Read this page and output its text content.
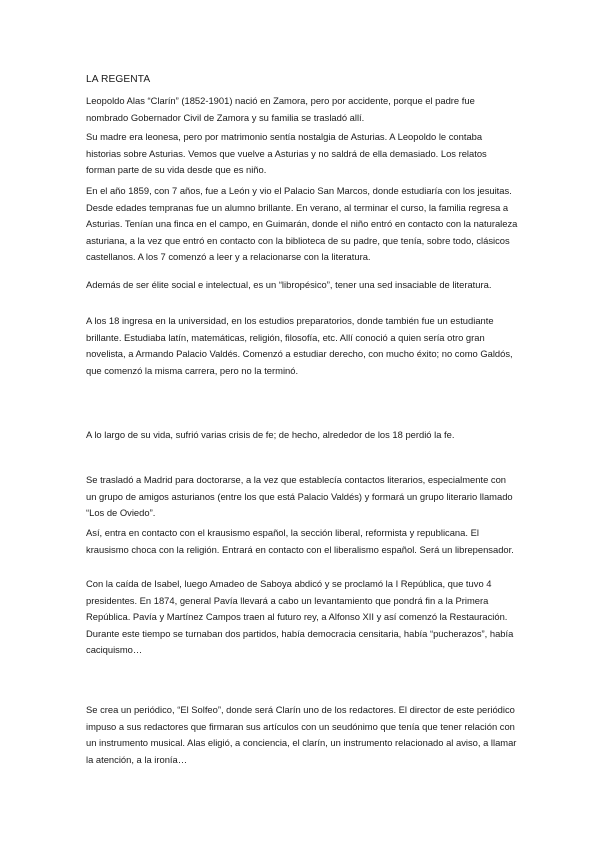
LA REGENTA

Leopoldo Alas “Clarín” (1852-1901) nació en Zamora, pero por accidente, porque el padre fue nombrado Gobernador Civil de Zamora y su familia se trasladó allí.

Su madre era leonesa, pero por matrimonio sentía nostalgia de Asturias. A Leopoldo le contaba historias sobre Asturias. Vemos que vuelve a Asturias y no saldrá de ella demasiado. Los relatos forman parte de su vida desde que es niño.

En el año 1859, con 7 años, fue a León y vio el Palacio San Marcos, donde estudiaría con los jesuitas. Desde edades tempranas fue un alumno brillante. En verano, al terminar el curso, la familia regresa a Asturias. Tenían una finca en el campo, en Guimarán, donde el niño entró en contacto con la naturaleza asturiana, a la vez que entró en contacto con la biblioteca de su padre, que tenía, sobre todo, clásicos castellanos. A los 7 comenzó a leer y a relacionarse con la literatura.

Además de ser élite social e intelectual, es un “libropésico”, tener una sed insaciable de literatura.

A los 18 ingresa en la universidad, en los estudios preparatorios, donde también fue un estudiante brillante. Estudiaba latín, matemáticas, religión, filosofía, etc. Allí conoció a quien sería otro gran novelista, a Armando Palacio Valdés. Comenzó a estudiar derecho, con mucho éxito; no como Galdós, que comenzó la misma carrera, pero no la terminó.

A lo largo de su vida, sufrió varias crisis de fe; de hecho, alrededor de los 18 perdió la fe.

Se trasladó a Madrid para doctorarse, a la vez que establecía contactos literarios, especialmente con un grupo de amigos asturianos (entre los que está Palacio Valdés) y formará un grupo literario llamado “Los de Oviedo”.

Así, entra en contacto con el krausismo español, la sección liberal, reformista y republicana. El krausismo choca con la religión. Entrará en contacto con el liberalismo español. Será un librepensador.

Con la caída de Isabel, luego Amadeo de Saboya abdicó y se proclamó la I República, que tuvo 4 presidentes. En 1874, general Pavía llevará a cabo un levantamiento que pondrá fin a la Primera República. Pavía y Martínez Campos traen al futuro rey, a Alfonso XII y así comenzó la Restauración. Durante este tiempo se turnaban dos partidos, había democracia censitaria, había “pucherazos”, había caciquismo…

Se crea un periódico, “El Solfeo”, donde será Clarín uno de los redactores. El director de este periódico impuso a sus redactores que firmaran sus artículos con un seudónimo que tenía que tener relación con un instrumento musical. Alas eligió, a conciencia, el clarín, un instrumento relacionado al aviso, a llamar la atención, a la ironía…
